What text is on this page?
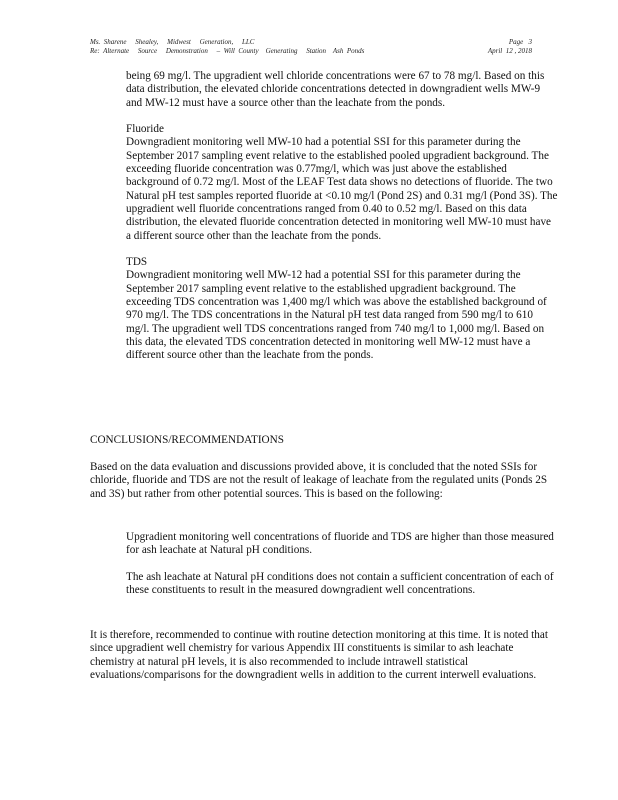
Ms.  Sharene     Shealey,     Midwest     Generation,     LLC
Re:  Alternate     Source     Demonstration     –  Will  County    Generating     Station    Ash  Ponds
Page   3
April  12 , 2018

being 69 mg/l. The upgradient well chloride concentrations were 67 to 78 mg/l. Based on this data distribution, the elevated chloride concentrations detected in downgradient wells MW-9 and MW-12 must have a source other than the leachate from the ponds.

Fluoride

Downgradient monitoring well MW-10 had a potential SSI for this parameter during the September 2017 sampling event relative to the established pooled upgradient background. The exceeding fluoride concentration was 0.77mg/l, which was just above the established background of 0.72 mg/l. Most of the LEAF Test data shows no detections of fluoride. The two Natural pH test samples reported fluoride at <0.10 mg/l (Pond 2S) and 0.31 mg/l (Pond 3S). The upgradient well fluoride concentrations ranged from 0.40 to 0.52 mg/l. Based on this data distribution, the elevated fluoride concentration detected in monitoring well MW-10 must have a different source other than the leachate from the ponds.

TDS

Downgradient monitoring well MW-12 had a potential SSI for this parameter during the September 2017 sampling event relative to the established upgradient background. The exceeding TDS concentration was 1,400 mg/l which was above the established background of 970 mg/l. The TDS concentrations in the Natural pH test data ranged from 590 mg/l to 610 mg/l. The upgradient well TDS concentrations ranged from 740 mg/l to 1,000 mg/l. Based on this data, the elevated TDS concentration detected in monitoring well MW-12 must have a different source other than the leachate from the ponds.

CONCLUSIONS/RECOMMENDATIONS

Based on the data evaluation and discussions provided above, it is concluded that the noted SSIs for chloride, fluoride and TDS are not the result of leakage of leachate from the regulated units (Ponds 2S and 3S) but rather from other potential sources. This is based on the following:

Upgradient monitoring well concentrations of fluoride and TDS are higher than those measured for ash leachate at Natural pH conditions.
The ash leachate at Natural pH conditions does not contain a sufficient concentration of each of these constituents to result in the measured downgradient well concentrations.

It is therefore, recommended to continue with routine detection monitoring at this time. It is noted that since upgradient well chemistry for various Appendix III constituents is similar to ash leachate chemistry at natural pH levels, it is also recommended to include intrawell statistical evaluations/comparisons for the downgradient wells in addition to the current interwell evaluations.
